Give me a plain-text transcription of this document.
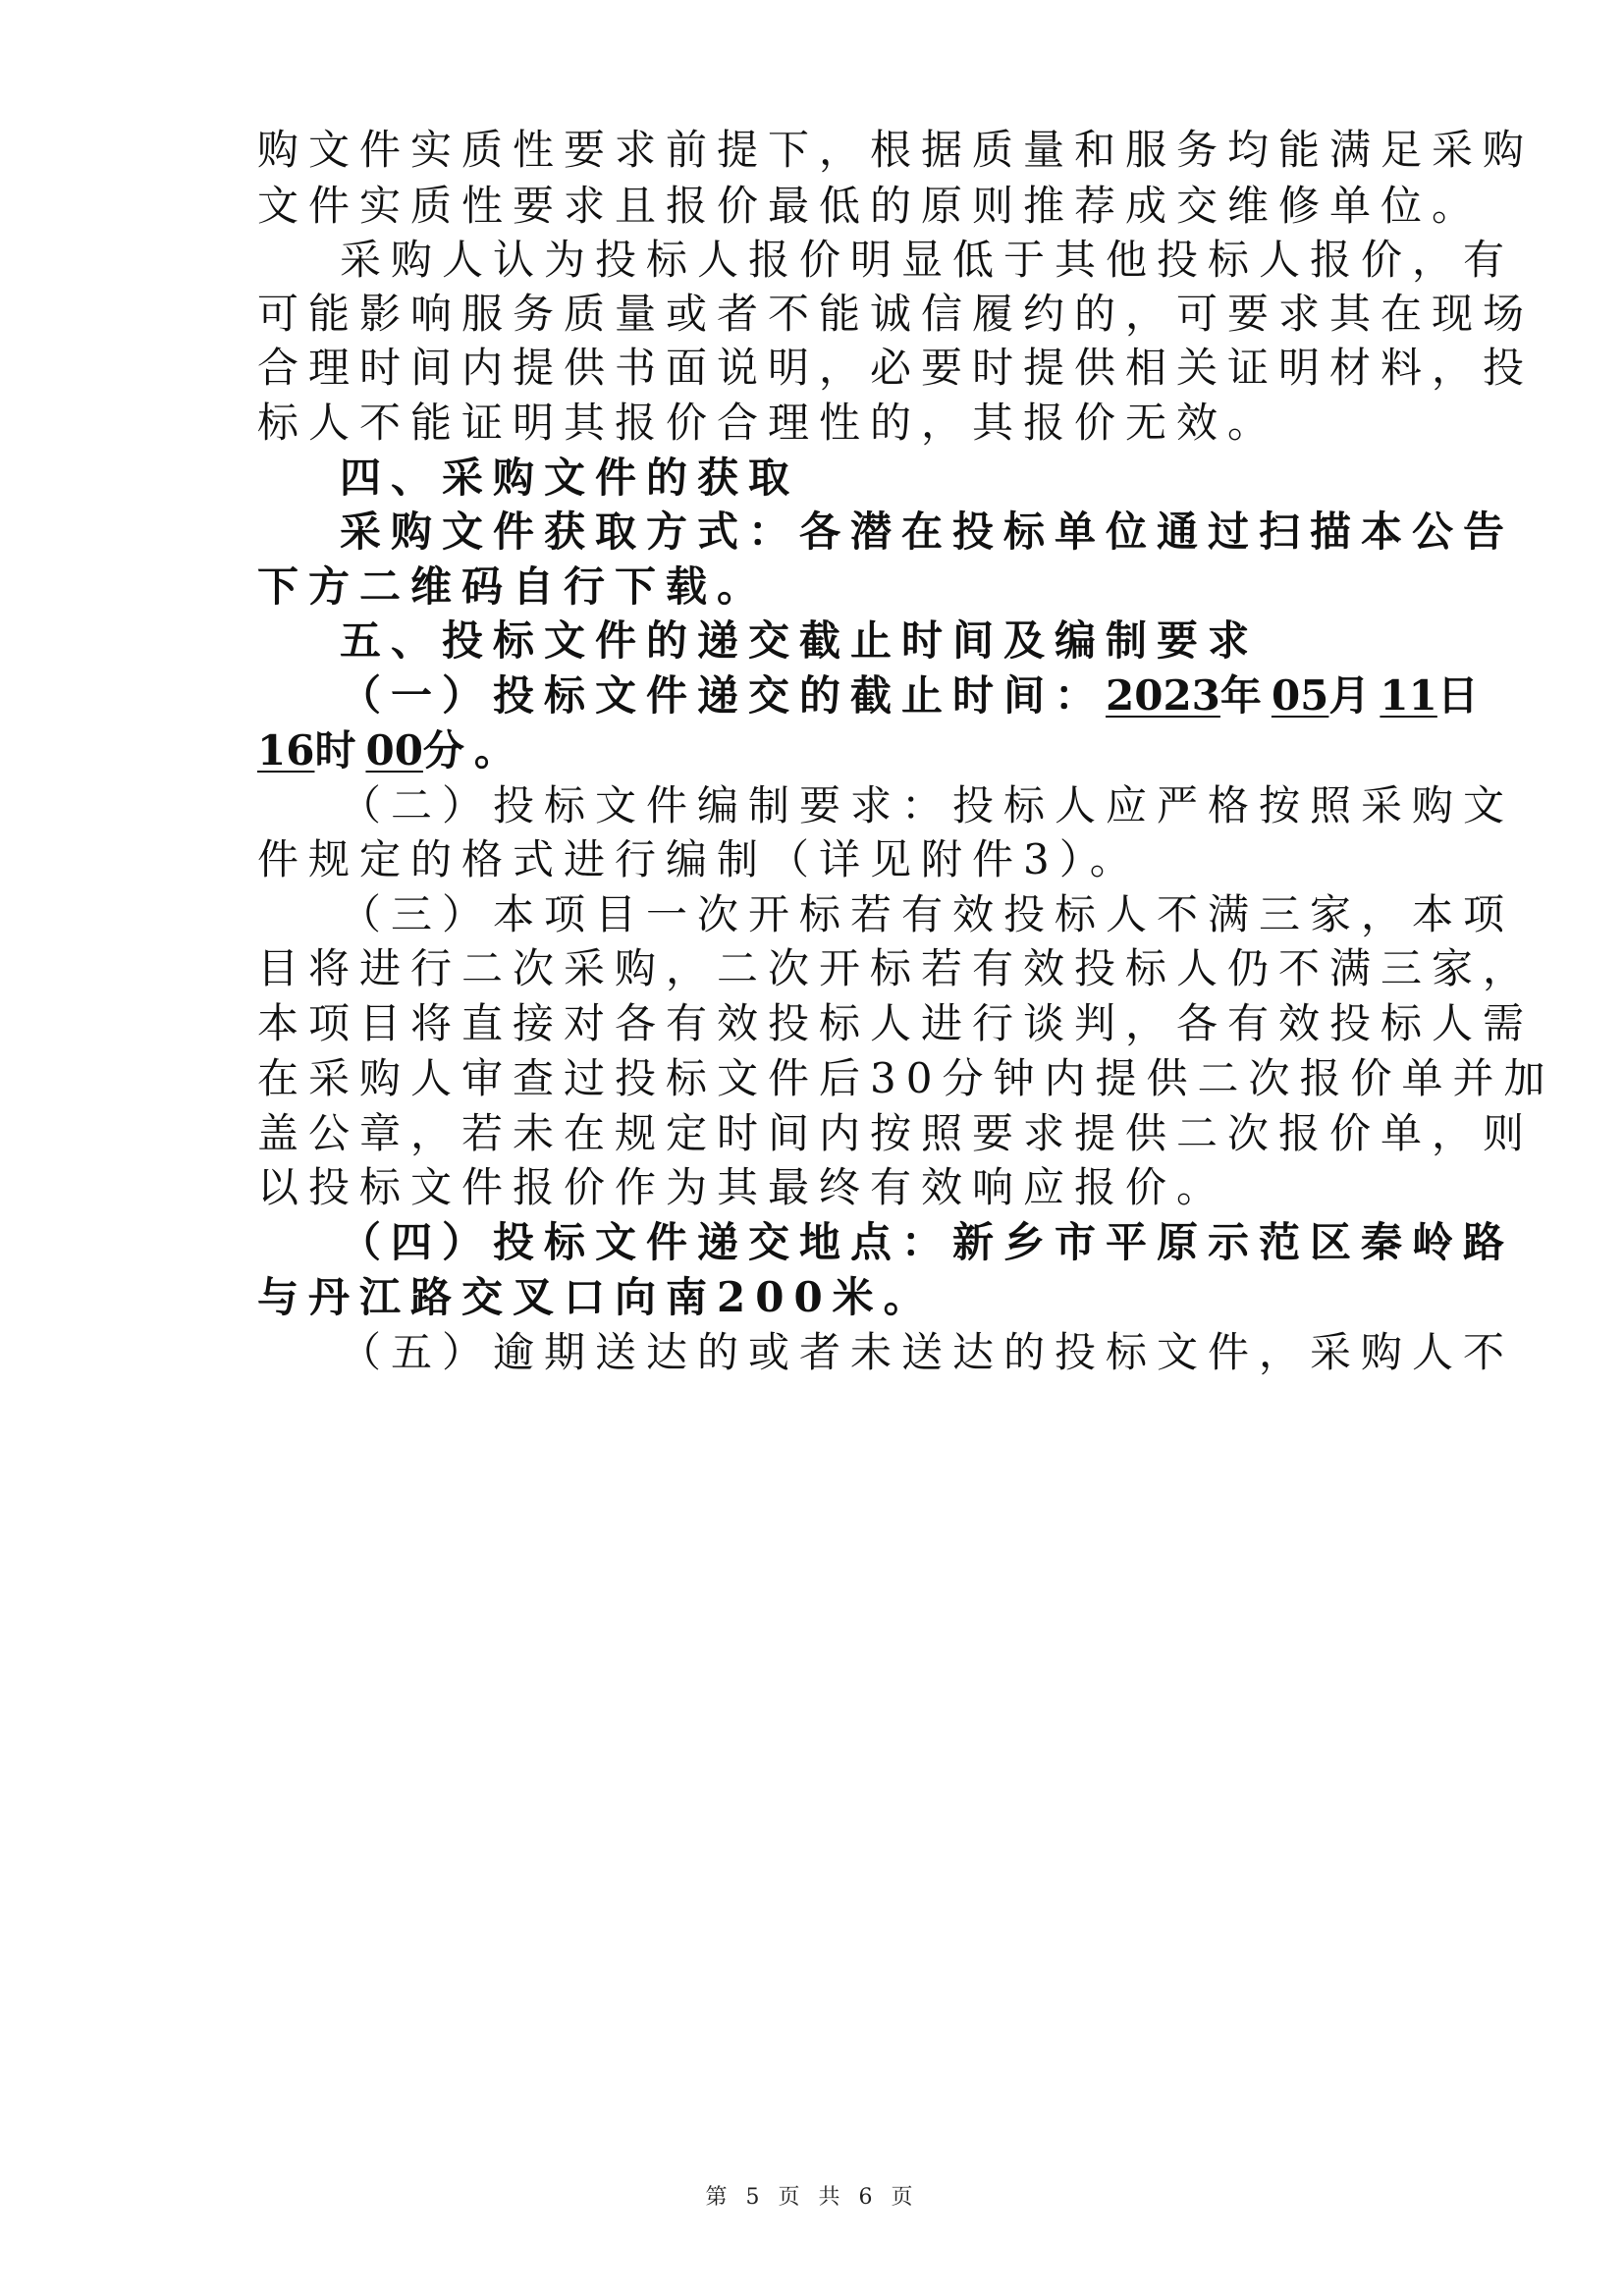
购文件实质性要求前提下，根据质量和服务均能满足采购
文件实质性要求且报价最低的原则推荐成交维修单位。
采购人认为投标人报价明显低于其他投标人报价，有
可能影响服务质量或者不能诚信履约的，可要求其在现场
合理时间内提供书面说明，必要时提供相关证明材料，投
标人不能证明其报价合理性的，其报价无效。
四、采购文件的获取
采购文件获取方式：各潜在投标单位通过扫描本公告
下方二维码自行下载。
五、投标文件的递交截止时间及编制要求
（一）投标文件递交的截止时间：2023年05月11日
16时00分。
（二）投标文件编制要求：投标人应严格按照采购文
件规定的格式进行编制（详见附件3）。
（三）本项目一次开标若有效投标人不满三家，本项
目将进行二次采购，二次开标若有效投标人仍不满三家，
本项目将直接对各有效投标人进行谈判，各有效投标人需
在采购人审查过投标文件后30分钟内提供二次报价单并加
盖公章，若未在规定时间内按照要求提供二次报价单，则
以投标文件报价作为其最终有效响应报价。
（四）投标文件递交地点：新乡市平原示范区秦岭路
与丹江路交叉口向南200米。
（五）逾期送达的或者未送达的投标文件，采购人不
第 5 页 共 6 页
